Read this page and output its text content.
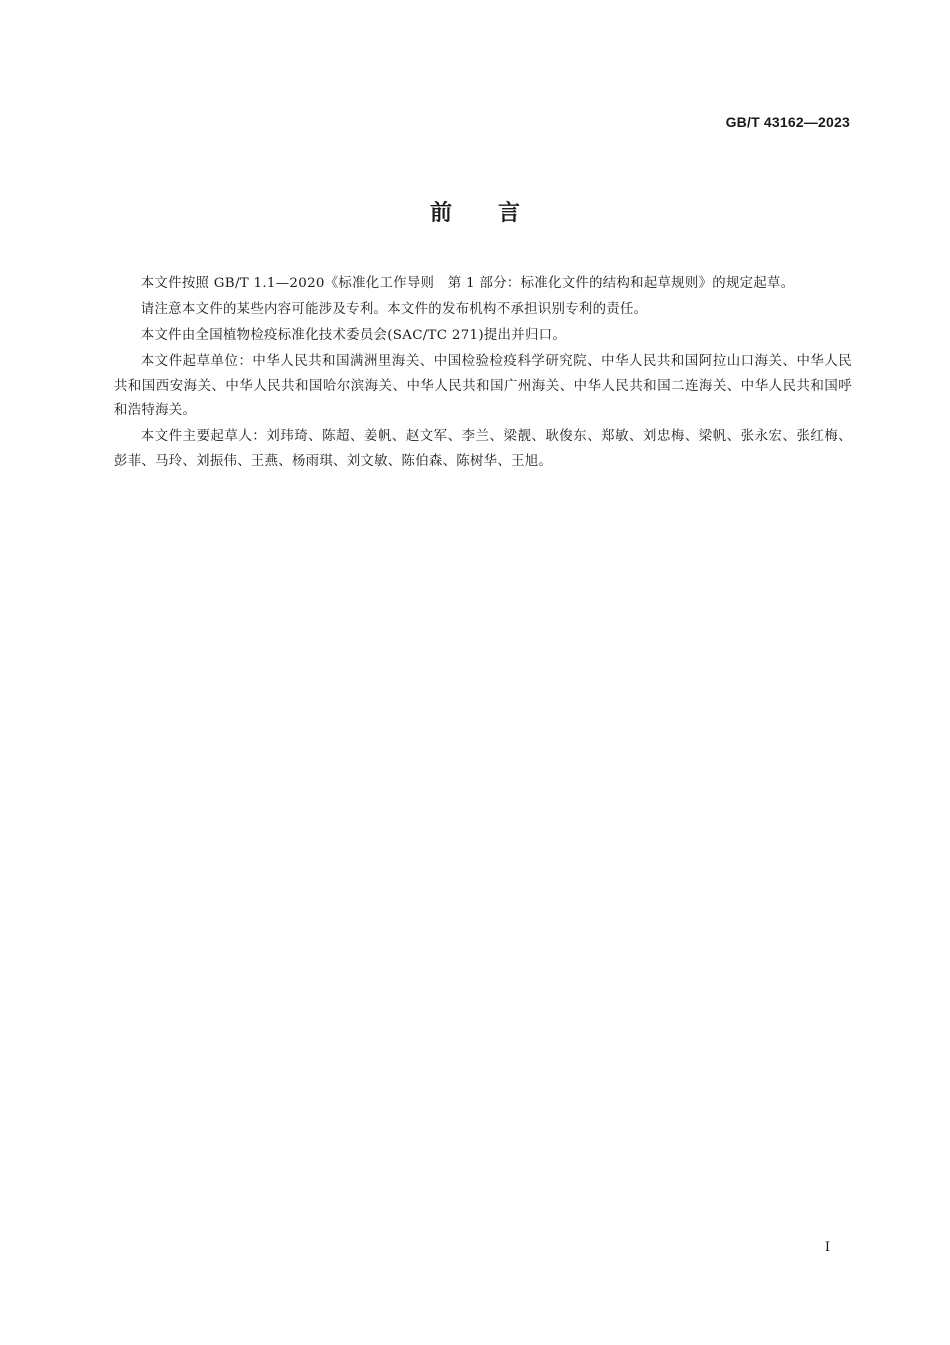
GB/T 43162—2023
前言

本文件按照 GB/T 1.1—2020《标准化工作导则　第 1 部分：标准化文件的结构和起草规则》的规定起草。

请注意本文件的某些内容可能涉及专利。本文件的发布机构不承担识别专利的责任。

本文件由全国植物检疫标准化技术委员会(SAC/TC 271)提出并归口。

本文件起草单位：中华人民共和国满洲里海关、中国检验检疫科学研究院、中华人民共和国阿拉山口海关、中华人民共和国西安海关、中华人民共和国哈尔滨海关、中华人民共和国广州海关、中华人民共和国二连海关、中华人民共和国呼和浩特海关。

本文件主要起草人：刘玮琦、陈超、姜帆、赵文军、李兰、梁靓、耿俊东、郑敏、刘忠梅、梁帆、张永宏、张红梅、彭菲、马玲、刘振伟、王燕、杨雨琪、刘文敏、陈伯森、陈树华、王旭。

I
